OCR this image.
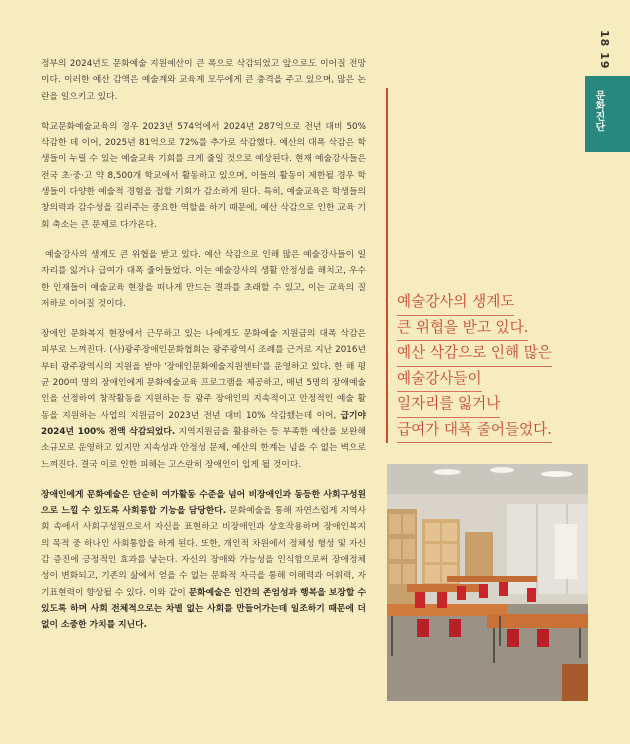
18 19
문화진단

정부의 2024년도 문화예술 지원예산이 큰 폭으로 삭감되었고 앞으로도 이어질 전망이다. 이러한 예산 감액은 예술계와 교육계 모두에게 큰 충격을 주고 있으며, 많은 논란을 일으키고 있다.

학교문화예술교육의 경우 2023년 574억에서 2024년 287억으로 전년 대비 50% 삭감한 데 이어, 2025년 81억으로 72%를 추가로 삭감했다. 예산의 대폭 삭감은 학생들이 누릴 수 있는 예술교육 기회를 크게 줄일 것으로 예상된다. 현재 예술강사들은 전국 초·중·고 약 8,500개 학교에서 활동하고 있으며, 이들의 활동이 제한될 경우 학생들이 다양한 예술적 경험을 접할 기회가 감소하게 된다. 특히, 예술교육은 학생들의 창의력과 감수성을 길러주는 중요한 역할을 하기 때문에, 예산 삭감으로 인한 교육 기회 축소는 큰 문제로 다가온다.

예술강사의 생계도 큰 위협을 받고 있다. 예산 삭감으로 인해 많은 예술강사들이 일자리를 잃거나 급여가 대폭 줄어들었다. 이는 예술강사의 생활 안정성을 해치고, 우수한 인재들이 예술교육 현장을 떠나게 만드는 결과를 초래할 수 있고, 이는 교육의 질 저하로 이어질 것이다.

장애인 문화복지 현장에서 근무하고 있는 나에게도 문화예술 지원금의 대폭 삭감은 피부로 느껴진다. (사)광주장애인문화협회는 광주광역시 조례를 근거로 지난 2016년부터 광주광역시의 지원을 받아 '장애인문화예술지원센터'를 운영하고 있다. 한 해 평균 200여 명의 장애인에게 문화예술교육 프로그램을 제공하고, 매년 5명의 장애예술인을 선정하여 창작활동을 지원하는 등 광주 장애인의 지속적이고 안정적인 예술 활동을 지원하는 사업의 지원금이 2023년 전년 대비 10% 삭감됐는데 이어, 급기야 2024년 100% 전액 삭감되었다. 지역지원금을 활용하는 등 부족한 예산을 보완해 소규모로 운영하고 있지만 지속성과 안정성 문제, 예산의 한계는 넘을 수 없는 벽으로 느껴진다. 결국 이로 인한 피해는 고스란히 장애인이 입게 될 것이다.

장애인에게 문화예술은 단순히 여가활동 수준을 넘어 비장애인과 동등한 사회구성원으로 느낄 수 있도록 사회통합 기능을 담당한다. 문화예술을 통해 자연스럽게 지역사회 속에서 사회구성원으로서 자신을 표현하고 비장애인과 상호작용하며 장애인복지의 목적 중 하나인 사회통합을 하게 된다. 또한, 개인적 차원에서 정체성 형성 및 자신감 증진에 긍정적인 효과를 낳는다. 자신의 장애와 가능성을 인식함으로써 장애정체성이 변화되고, 기존의 삶에서 얻을 수 없는 문화적 자극을 통해 이해력과 어휘력, 자기표현력이 향상될 수 있다. 이와 같이 문화예술은 인간의 존엄성과 행복을 보장할 수 있도록 하며 사회 전체적으로는 차별 없는 사회를 만들어가는데 일조하기 때문에 더없이 소중한 가치를 지닌다.

예술강사의 생계도
큰 위협을 받고 있다.
예산 삭감으로 인해 많은
예술강사들이
일자리를 잃거나
급여가 대폭 줄어들었다.
